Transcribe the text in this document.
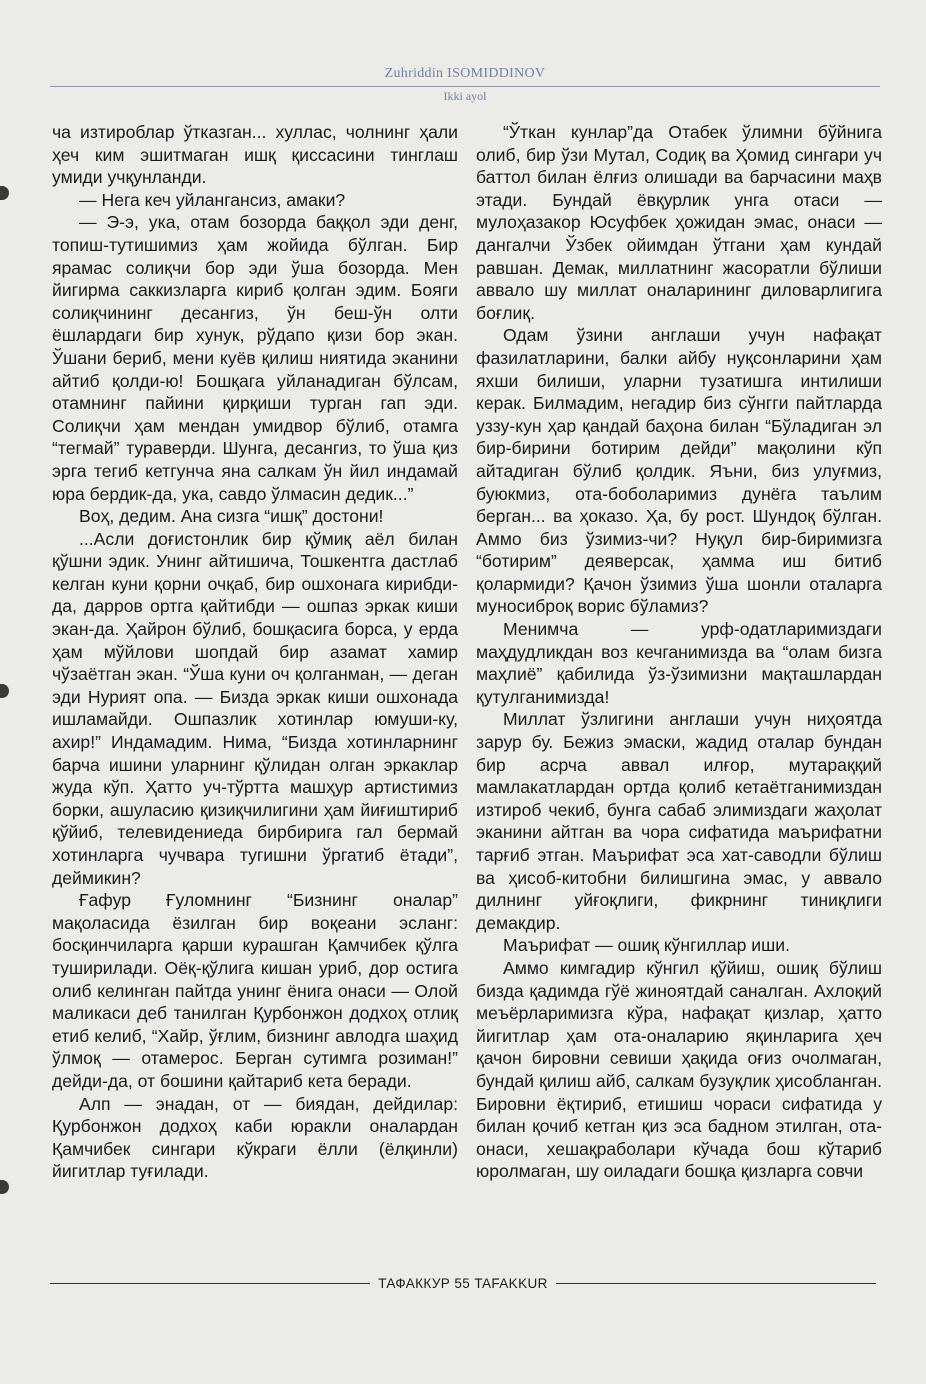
Zuhriddin ISOMIDDINOV
Ikki ayol

ча изтироблар ўтказган... хуллас, чолнинг ҳали ҳеч ким эшитмаган ишқ қиссасини тинглаш умиди учқунланди.

— Нега кеч уйлангансиз, амаки?

— Э-э, ука, отам бозорда баққол эди денг, топиш-тутишимиз ҳам жойида бўлган. Бир ярамас солиқчи бор эди ўша бозорда. Мен йигирма саккизларга кириб қолган эдим. Бояги солиқчининг десангиз, ўн беш-ўн олти ёшлардаги бир хунук, рўдапо қизи бор экан. Ўшани бериб, мени куёв қилиш ниятида эканини айтиб қолди-ю! Бошқага уйланадиган бўлсам, отамнинг пайини қирқиши турган гап эди. Солиқчи ҳам мендан умидвор бўлиб, отамга “тегмай” тураверди. Шунга, десангиз, то ўша қиз эрга тегиб кетгунча яна салкам ўн йил индамай юра бердик-да, ука, савдо ўлмасин дедик...”

Воҳ, дедим. Ана сизга “ишқ” достони!

...Асли доғистонлик бир қўмиқ аёл билан қўшни эдик. Унинг айтишича, Тошкентга дастлаб келган куни қорни очқаб, бир ошхонага кирибди-да, дарров ортга қайтибди — ошпаз эркак киши экан-да. Ҳайрон бўлиб, бошқасига борса, у ерда ҳам мўйлови шопдай бир азамат хамир чўзаётган экан. “Ўша куни оч қолганман, — деган эди Нурият опа. — Бизда эркак киши ошхонада ишламайди. Ошпазлик хотинлар юмуши-ку, ахир!” Индамадим. Нима, “Бизда хотинларнинг барча ишини уларнинг қўлидан олган эркаклар жуда кўп. Ҳатто уч-тўртта машҳур артистимиз борки, ашуласию қизиқчилигини ҳам йиғиштириб қўйиб, телевидениеда бирбирига гал бермай хотинларга чучвара тугишни ўргатиб ётади”, деймикин?

Ғафур Ғуломнинг “Бизнинг оналар” мақоласида ёзилган бир воқеани эсланг: босқинчиларга қарши курашган Қамчибек қўлга туширилади. Оёқ-қўлига кишан уриб, дор остига олиб келинган пайтда унинг ёнига онаси — Олой маликаси деб танилган Қурбонжон додхоҳ отлиқ етиб келиб, “Хайр, ўғлим, бизнинг авлодга шаҳид ўлмоқ — отамерос. Берган сутимга розиман!” дейди-да, от бошини қайтариб кета беради.

Алп — энадан, от — биядан, дейдилар: Қурбонжон додхоҳ каби юракли оналардан Қамчибек сингари кўкраги ёлли (ёлқинли) йигитлар туғилади.

“Ўткан кунлар”да Отабек ўлимни бўйнига олиб, бир ўзи Мутал, Содиқ ва Ҳомид сингари уч баттол билан ёлғиз олишади ва барчасини маҳв этади. Бундай ёвқурлик унга отаси — мулоҳазакор Юсуфбек ҳожидан эмас, онаси — дангалчи Ўзбек ойимдан ўтгани ҳам кундай равшан. Демак, миллатнинг жасоратли бўлиши аввало шу миллат оналарининг диловарлигига боғлиқ.

Одам ўзини англаши учун нафақат фазилатларини, балки айбу нуқсонларини ҳам яхши билиши, уларни тузатишга интилиши керак. Билмадим, негадир биз сўнгги пайтларда уззу-кун ҳар қандай баҳона билан “Бўладиган эл бир-бирини ботирим дейди” мақолини кўп айтадиган бўлиб қолдик. Яъни, биз улуғмиз, буюкмиз, ота-боболаримиз дунёга таълим берган... ва ҳоказо. Ҳа, бу рост. Шундоқ бўлган. Аммо биз ўзимиз-чи? Нуқул бир-биримизга “ботирим” деяверсак, ҳамма иш битиб қолармиди? Қачон ўзимиз ўша шонли оталарга муносиброқ ворис бўламиз?

Менимча — урф-одатларимиздаги маҳдудликдан воз кечганимизда ва “олам бизга маҳлиё” қабилида ўз-ўзимизни мақташлардан қутулганимизда!

Миллат ўзлигини англаши учун ниҳоятда зарур бу. Бежиз эмаски, жадид оталар бундан бир асрча аввал илғор, мутараққий мамлакатлардан ортда қолиб кетаётганимиздан изтироб чекиб, бунга сабаб элимиздаги жаҳолат эканини айтган ва чора сифатида маърифатни тарғиб этган. Маърифат эса хат-саводли бўлиш ва ҳисоб-китобни билишгина эмас, у аввало дилнинг уйғоқлиги, фикрнинг тиниқлиги демакдир.

Маърифат — ошиқ кўнгиллар иши.

Аммо кимгадир кўнгил қўйиш, ошиқ бўлиш бизда қадимда гўё жиноятдай саналган. Ахлоқий меъёрларимизга кўра, нафақат қизлар, ҳатто йигитлар ҳам ота-оналарию яқинларига ҳеч қачон бировни севиши ҳақида оғиз очолмаган, бундай қилиш айб, салкам бузуқлик ҳисобланган. Бировни ёқтириб, етишиш чораси сифатида у билан қочиб кетган қиз эса бадном этилган, ота-онаси, хешақраболари кўчада бош кўтариб юролмаган, шу оиладаги бошқа қизларга совчи

ТАФАККУР 55 TAFAKKUR
